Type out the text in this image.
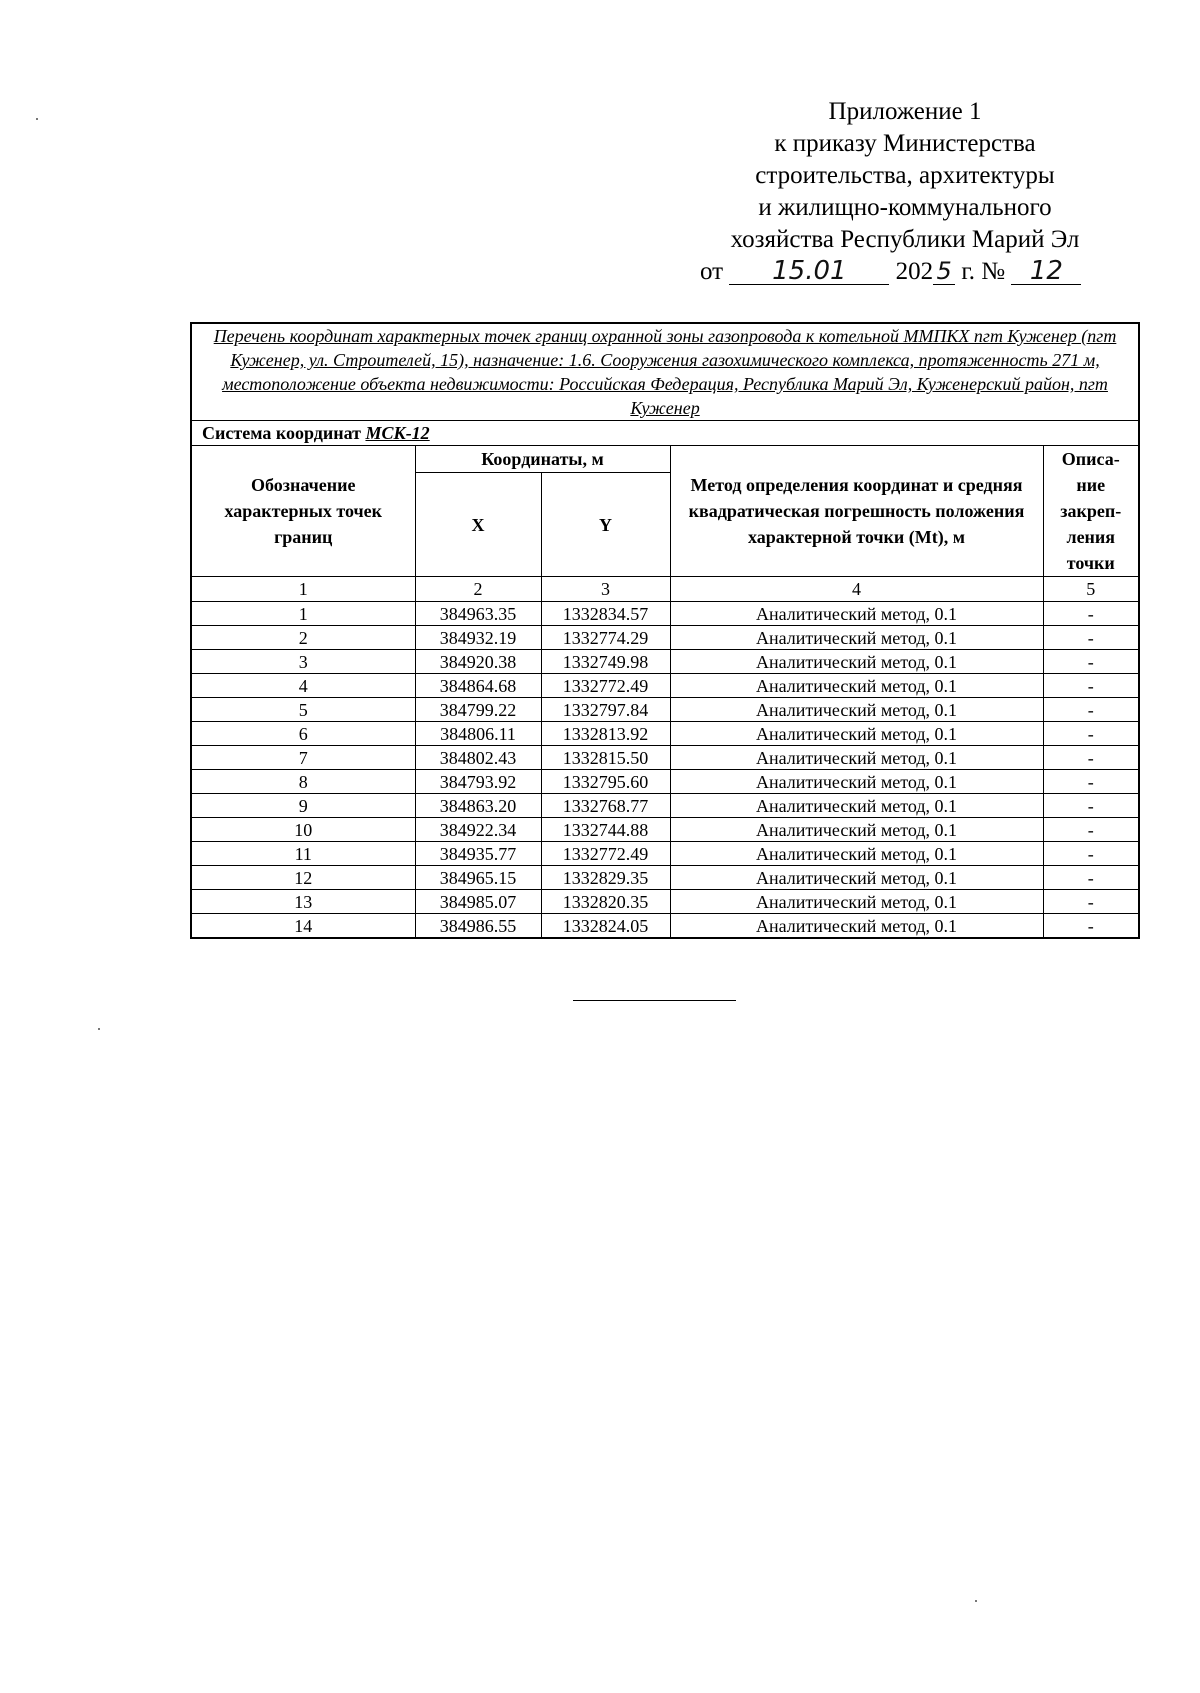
Приложение 1
к приказу Министерства
строительства, архитектуры
и жилищно-коммунального
хозяйства Республики Марий Эл
от 15.01 202 5 г. № 12
Перечень координат характерных точек границ охранной зоны газопровода к котельной ММПКХ пгт Кужeнер (пгт Кужeнер, ул. Строителей, 15), назначение: 1.6. Сооружения газохимического комплекса, протяженность 271 м, местоположение объекта недвижимости: Российская Федерация, Республика Марий Эл, Кужeнерский район, пгт Кужeнер				
Система координат МСК-12				
Обозначение характерных точек границ	Координаты, м		Метод определения координат и средняя квадратическая погрешность положения характерной точки (Mt), м	Описа-ние закреп-ления точки
	X	Y		
1	2	3	4	5
1	384963.35	1332834.57	Аналитический метод, 0.1	-
2	384932.19	1332774.29	Аналитический метод, 0.1	-
3	384920.38	1332749.98	Аналитический метод, 0.1	-
4	384864.68	1332772.49	Аналитический метод, 0.1	-
5	384799.22	1332797.84	Аналитический метод, 0.1	-
6	384806.11	1332813.92	Аналитический метод, 0.1	-
7	384802.43	1332815.50	Аналитический метод, 0.1	-
8	384793.92	1332795.60	Аналитический метод, 0.1	-
9	384863.20	1332768.77	Аналитический метод, 0.1	-
10	384922.34	1332744.88	Аналитический метод, 0.1	-
11	384935.77	1332772.49	Аналитический метод, 0.1	-
12	384965.15	1332829.35	Аналитический метод, 0.1	-
13	384985.07	1332820.35	Аналитический метод, 0.1	-
14	384986.55	1332824.05	Аналитический метод, 0.1	-
